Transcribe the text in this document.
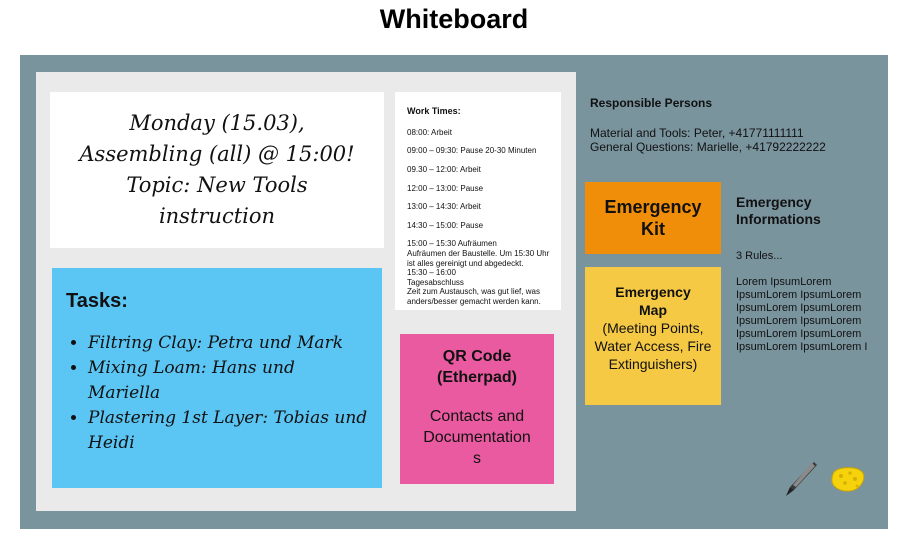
Whiteboard
Monday (15.03),
Assembling (all) @ 15:00!
Topic: New Tools
instruction
Work Times:
08:00: Arbeit
09:00 – 09:30: Pause 20-30 Minuten
09.30 – 12:00: Arbeit
12:00 – 13:00: Pause
13:00 – 14:30: Arbeit
14:30 – 15:00: Pause
15:00 – 15:30 Aufräumen
Aufräumen der Baustelle. Um 15:30 Uhr ist alles gereinigt und abgedeckt.
15:30 – 16:00
Tagesabschluss
Zeit zum Austausch, was gut lief, was anders/besser gemacht werden kann.
Tasks:
• Filtring Clay: Petra und Mark
• Mixing Loam: Hans und Mariella
• Plastering 1st Layer: Tobias und Heidi
QR Code
(Etherpad)
Contacts and
Documentation
s
Responsible Persons
Material and Tools: Peter, +41771111111
General Questions: Marielle, +41792222222
Emergency
Kit
Emergency
Map
(Meeting Points, Water Access, Fire Extinguishers)
Emergency
Informations
3 Rules...
Lorem IpsumLorem
IpsumLorem IpsumLorem
IpsumLorem IpsumLorem
IpsumLorem IpsumLorem
IpsumLorem IpsumLorem
IpsumLorem IpsumLorem I
